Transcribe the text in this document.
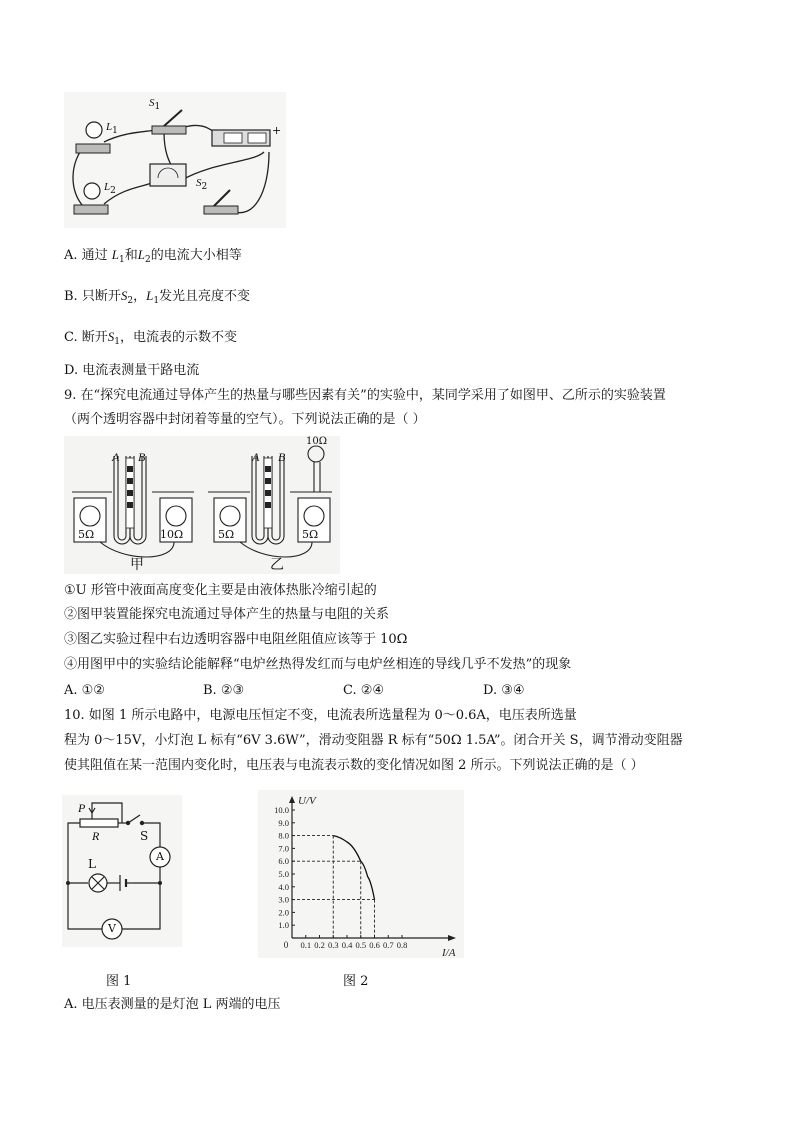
$S_1$
$S_2$
$L_1$
$L_2$
+
A. 通过 $L_1$和$L_2$的电流大小相等
B. 只断开$S_2$，$L_1$发光且亮度不变
C. 断开$S_1$，电流表的示数不变
D. 电流表测量干路电流
9. 在“探究电流通过导体产生的热量与哪些因素有关”的实验中，某同学采用了如图甲、乙所示的实验装置
（两个透明容器中封闭着等量的空气）。下列说法正确的是（ ）
A B
5Ω	10Ω
甲
A B
5Ω	5Ω
10Ω
乙
①U 形管中液面高度变化主要是由液体热胀冷缩引起的
②图甲装置能探究电流通过导体产生的热量与电阻的关系
③图乙实验过程中右边透明容器中电阻丝阻值应该等于 10Ω
④用图甲中的实验结论能解释“电炉丝热得发红而与电炉丝相连的导线几乎不发热”的现象
A. ①②	B. ②③	C. ②④	D. ③④
10. 如图 1 所示电路中，电源电压恒定不变，电流表所选量程为 0～0.6A，电压表所选量
程为 0～15V，小灯泡 L 标有“6V 3.6W”，滑动变阻器 R 标有“50Ω 1.5A”。闭合开关 S，调节滑动变阻器
使其阻值在某一范围内变化时，电压表与电流表示数的变化情况如图 2 所示。下列说法正确的是（ ）
P
R	S
L
A
V
图 1
1.0
2.0
3.0
4.0
5.0
6.0
7.0
8.0
9.0
10.0
0.1 0.2 0.3 0.4 0.5 0.6 0.7 0.8
0
U/V
I/A
图 2
A. 电压表测量的是灯泡 L 两端的电压
